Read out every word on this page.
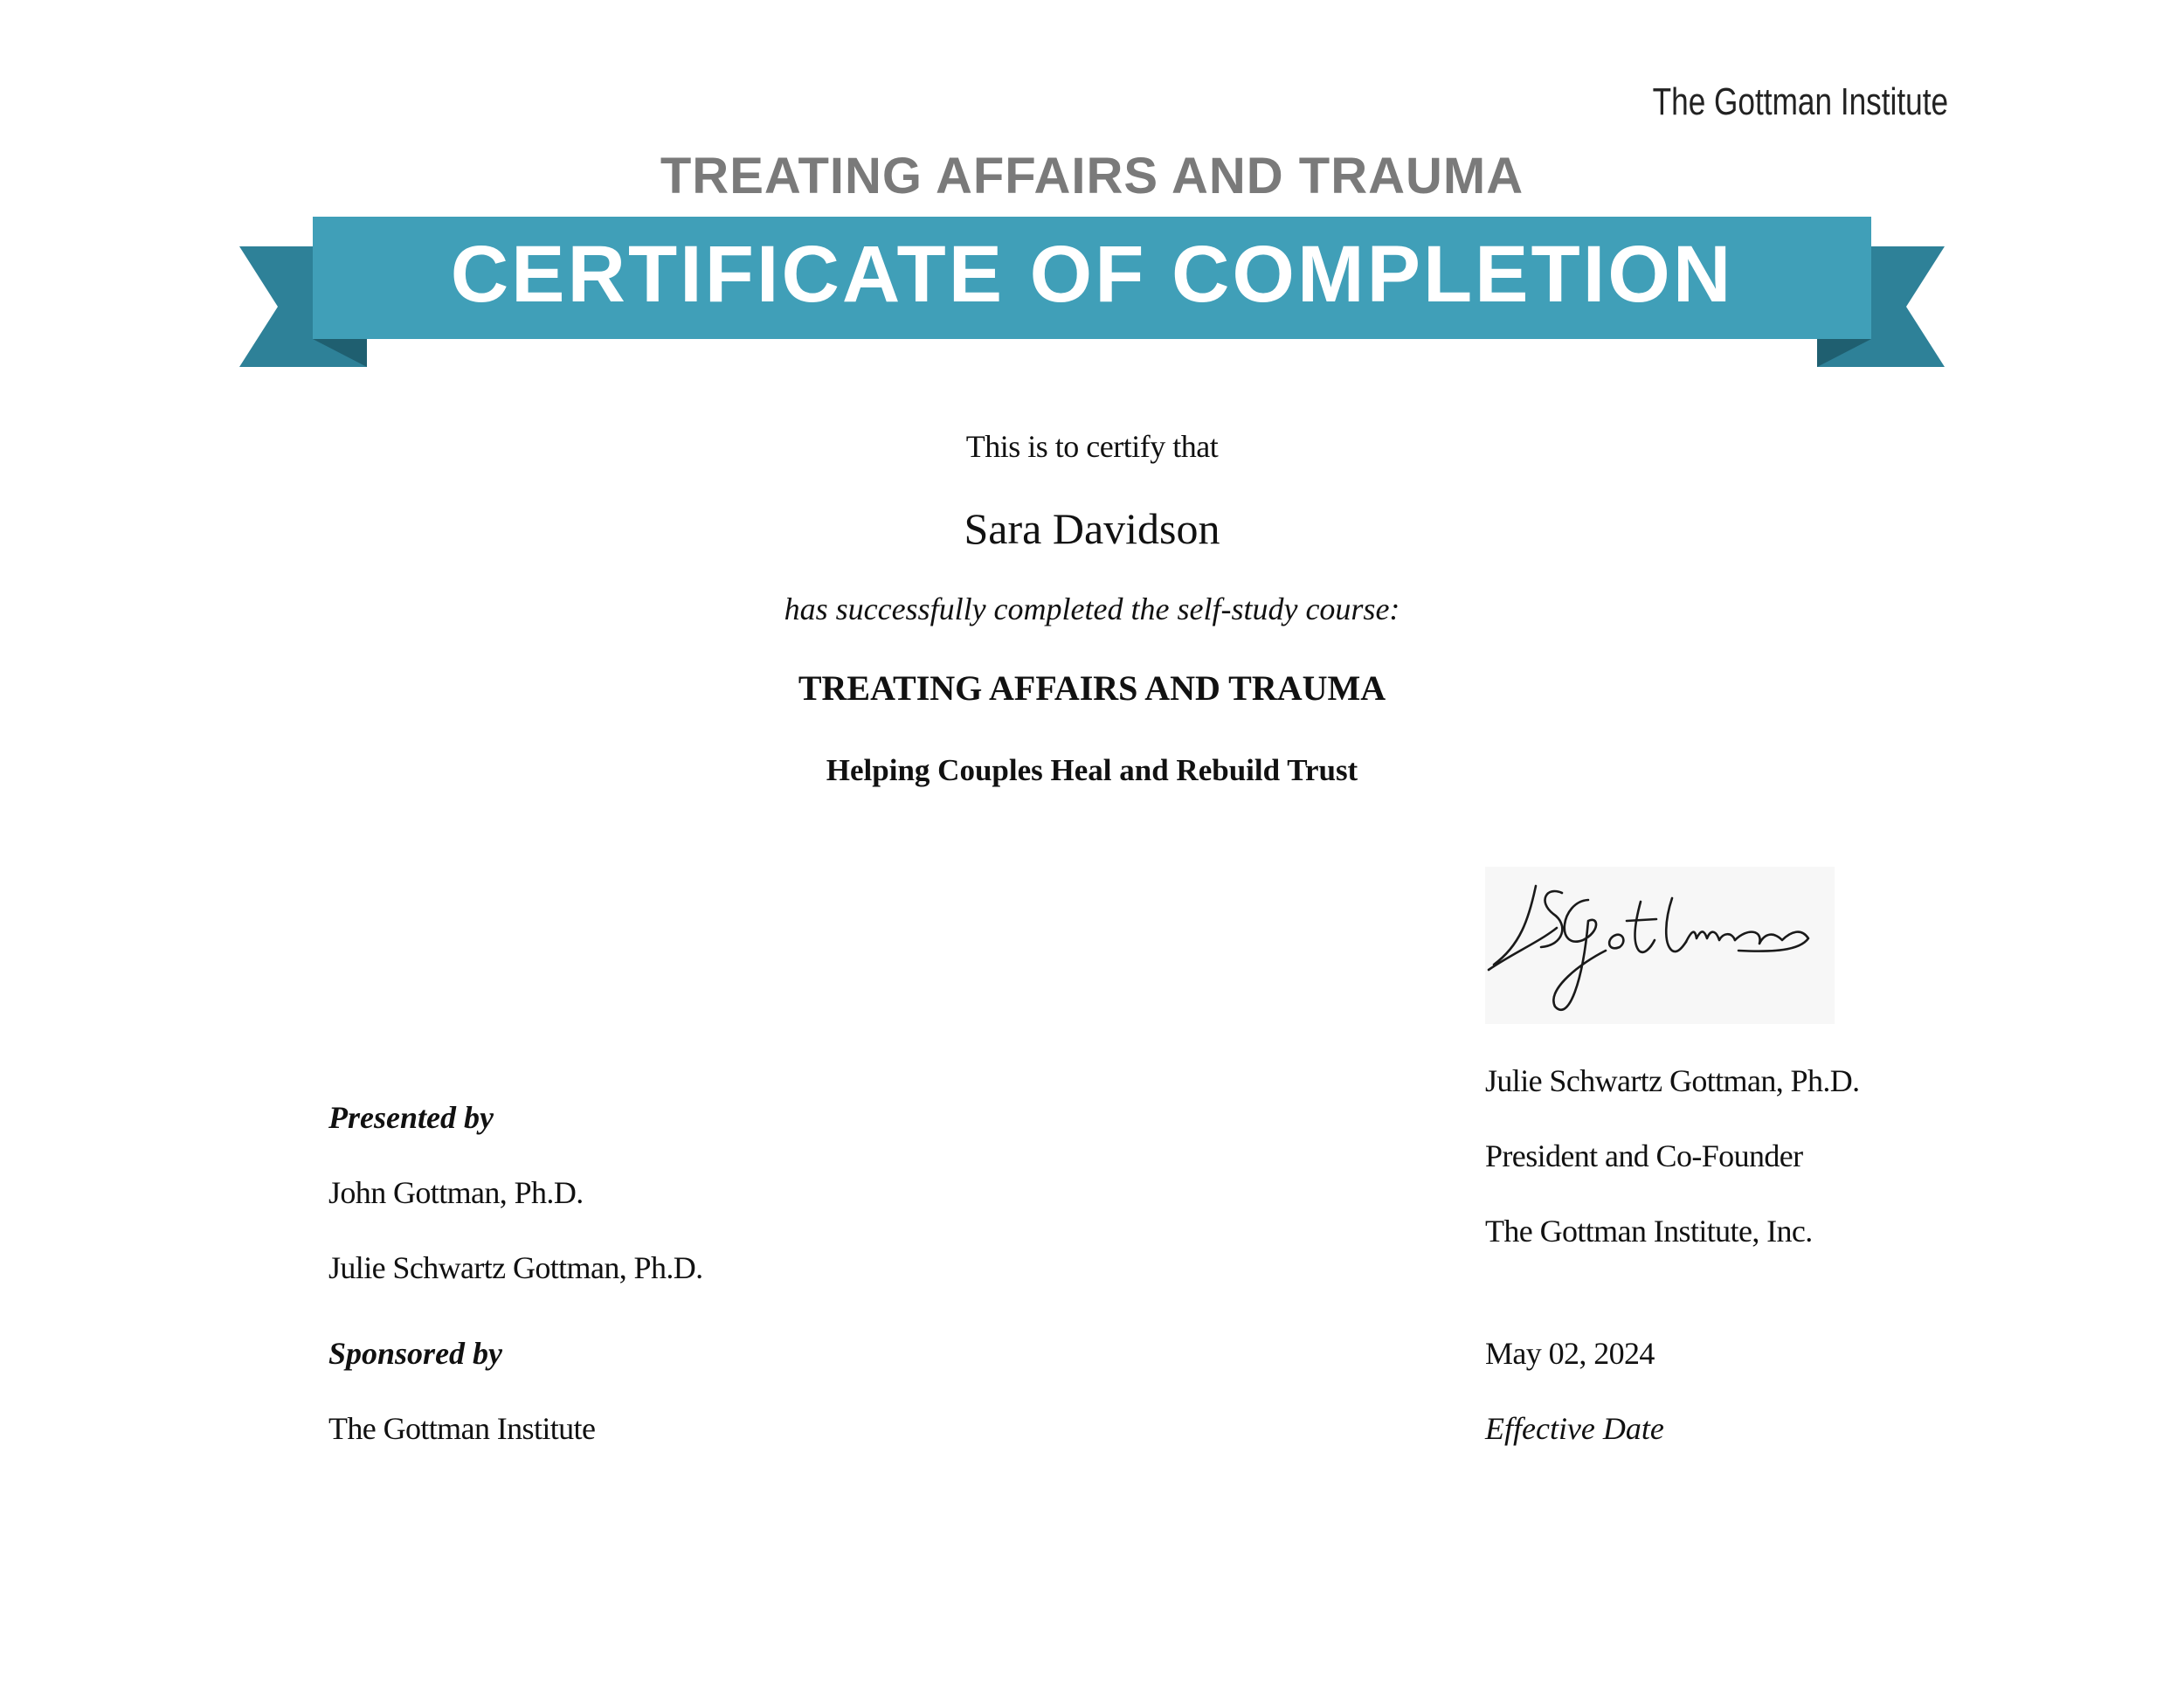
The Gottman Institute
TREATING AFFAIRS AND TRAUMA
CERTIFICATE OF COMPLETION
This is to certify that
Sara Davidson
has successfully completed the self-study course:
TREATING AFFAIRS AND TRAUMA
Helping Couples Heal and Rebuild Trust
Julie Schwartz Gottman, Ph.D.
President and Co-Founder
The Gottman Institute, Inc.
Presented by
John Gottman, Ph.D.
Julie Schwartz Gottman, Ph.D.
Sponsored by
The Gottman Institute
May 02, 2024
Effective Date
